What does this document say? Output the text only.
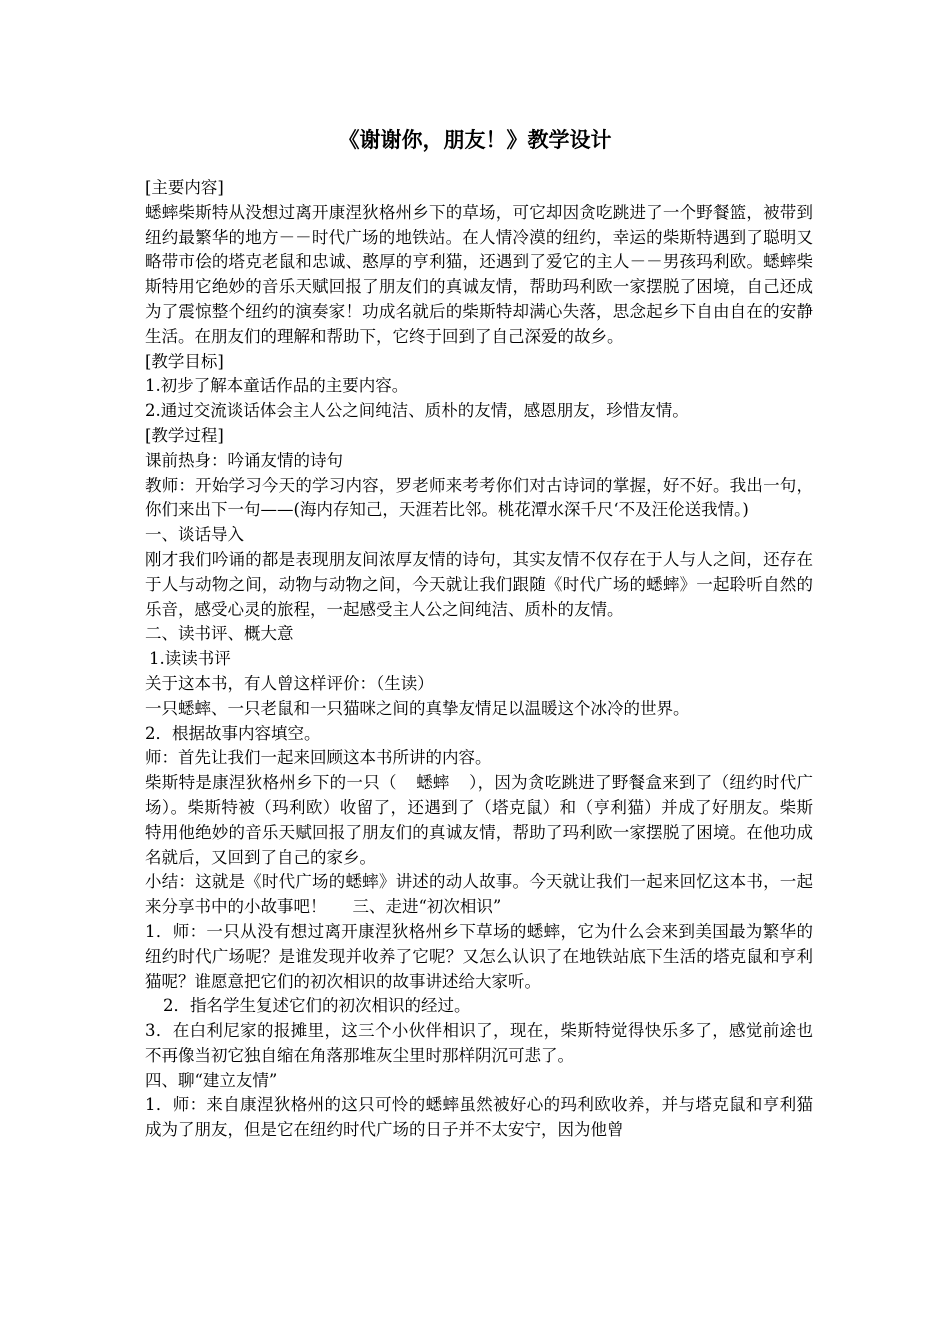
《谢谢你，朋友！》教学设计

[主要内容]

蟋蟀柴斯特从没想过离开康涅狄格州乡下的草场，可它却因贪吃跳进了一个野餐篮，被带到纽约最繁华的地方－－时代广场的地铁站。在人情冷漠的纽约，幸运的柴斯特遇到了聪明又略带市侩的塔克老鼠和忠诚、憨厚的亨利猫，还遇到了爱它的主人－－男孩玛利欧。蟋蟀柴斯特用它绝妙的音乐天赋回报了朋友们的真诚友情，帮助玛利欧一家摆脱了困境，自己还成为了震惊整个纽约的演奏家！功成名就后的柴斯特却满心失落，思念起乡下自由自在的安静生活。在朋友们的理解和帮助下，它终于回到了自己深爱的故乡。

[教学目标]

1.初步了解本童话作品的主要内容。

2.通过交流谈话体会主人公之间纯洁、质朴的友情，感恩朋友，珍惜友情。

[教学过程]

课前热身：吟诵友情的诗句

教师：开始学习今天的学习内容，罗老师来考考你们对古诗词的掌握，好不好。我出一句，你们来出下一句——(海内存知己，天涯若比邻。桃花潭水深千尺‘不及汪伦送我情。)

一、谈话导入

刚才我们吟诵的都是表现朋友间浓厚友情的诗句，其实友情不仅存在于人与人之间，还存在于人与动物之间，动物与动物之间，今天就让我们跟随《时代广场的蟋蟀》一起聆听自然的乐音，感受心灵的旅程，一起感受主人公之间纯洁、质朴的友情。

二、读书评、概大意

1.读读书评

关于这本书，有人曾这样评价：（生读）

一只蟋蟀、一只老鼠和一只猫咪之间的真挚友情足以温暖这个冰冷的世界。

2．根据故事内容填空。

师：首先让我们一起来回顾这本书所讲的内容。

柴斯特是康涅狄格州乡下的一只（ 蟋蟀 ），因为贪吃跳进了野餐盒来到了（纽约时代广场）。柴斯特被（玛利欧）收留了，还遇到了（塔克鼠）和（亨利猫）并成了好朋友。柴斯特用他绝妙的音乐天赋回报了朋友们的真诚友情，帮助了玛利欧一家摆脱了困境。在他功成名就后，又回到了自己的家乡。

小结：这就是《时代广场的蟋蟀》讲述的动人故事。今天就让我们一起来回忆这本书，一起来分享书中的小故事吧！ 三、走进“初次相识”

1．师：一只从没有想过离开康涅狄格州乡下草场的蟋蟀，它为什么会来到美国最为繁华的纽约时代广场呢？是谁发现并收养了它呢？又怎么认识了在地铁站底下生活的塔克鼠和亨利猫呢？谁愿意把它们的初次相识的故事讲述给大家听。

2．指名学生复述它们的初次相识的经过。

3．在白利尼家的报摊里，这三个小伙伴相识了，现在，柴斯特觉得快乐多了，感觉前途也不再像当初它独自缩在角落那堆灰尘里时那样阴沉可悲了。

四、聊“建立友情”

1．师：来自康涅狄格州的这只可怜的蟋蟀虽然被好心的玛利欧收养，并与塔克鼠和亨利猫成为了朋友，但是它在纽约时代广场的日子并不太安宁，因为他曾
